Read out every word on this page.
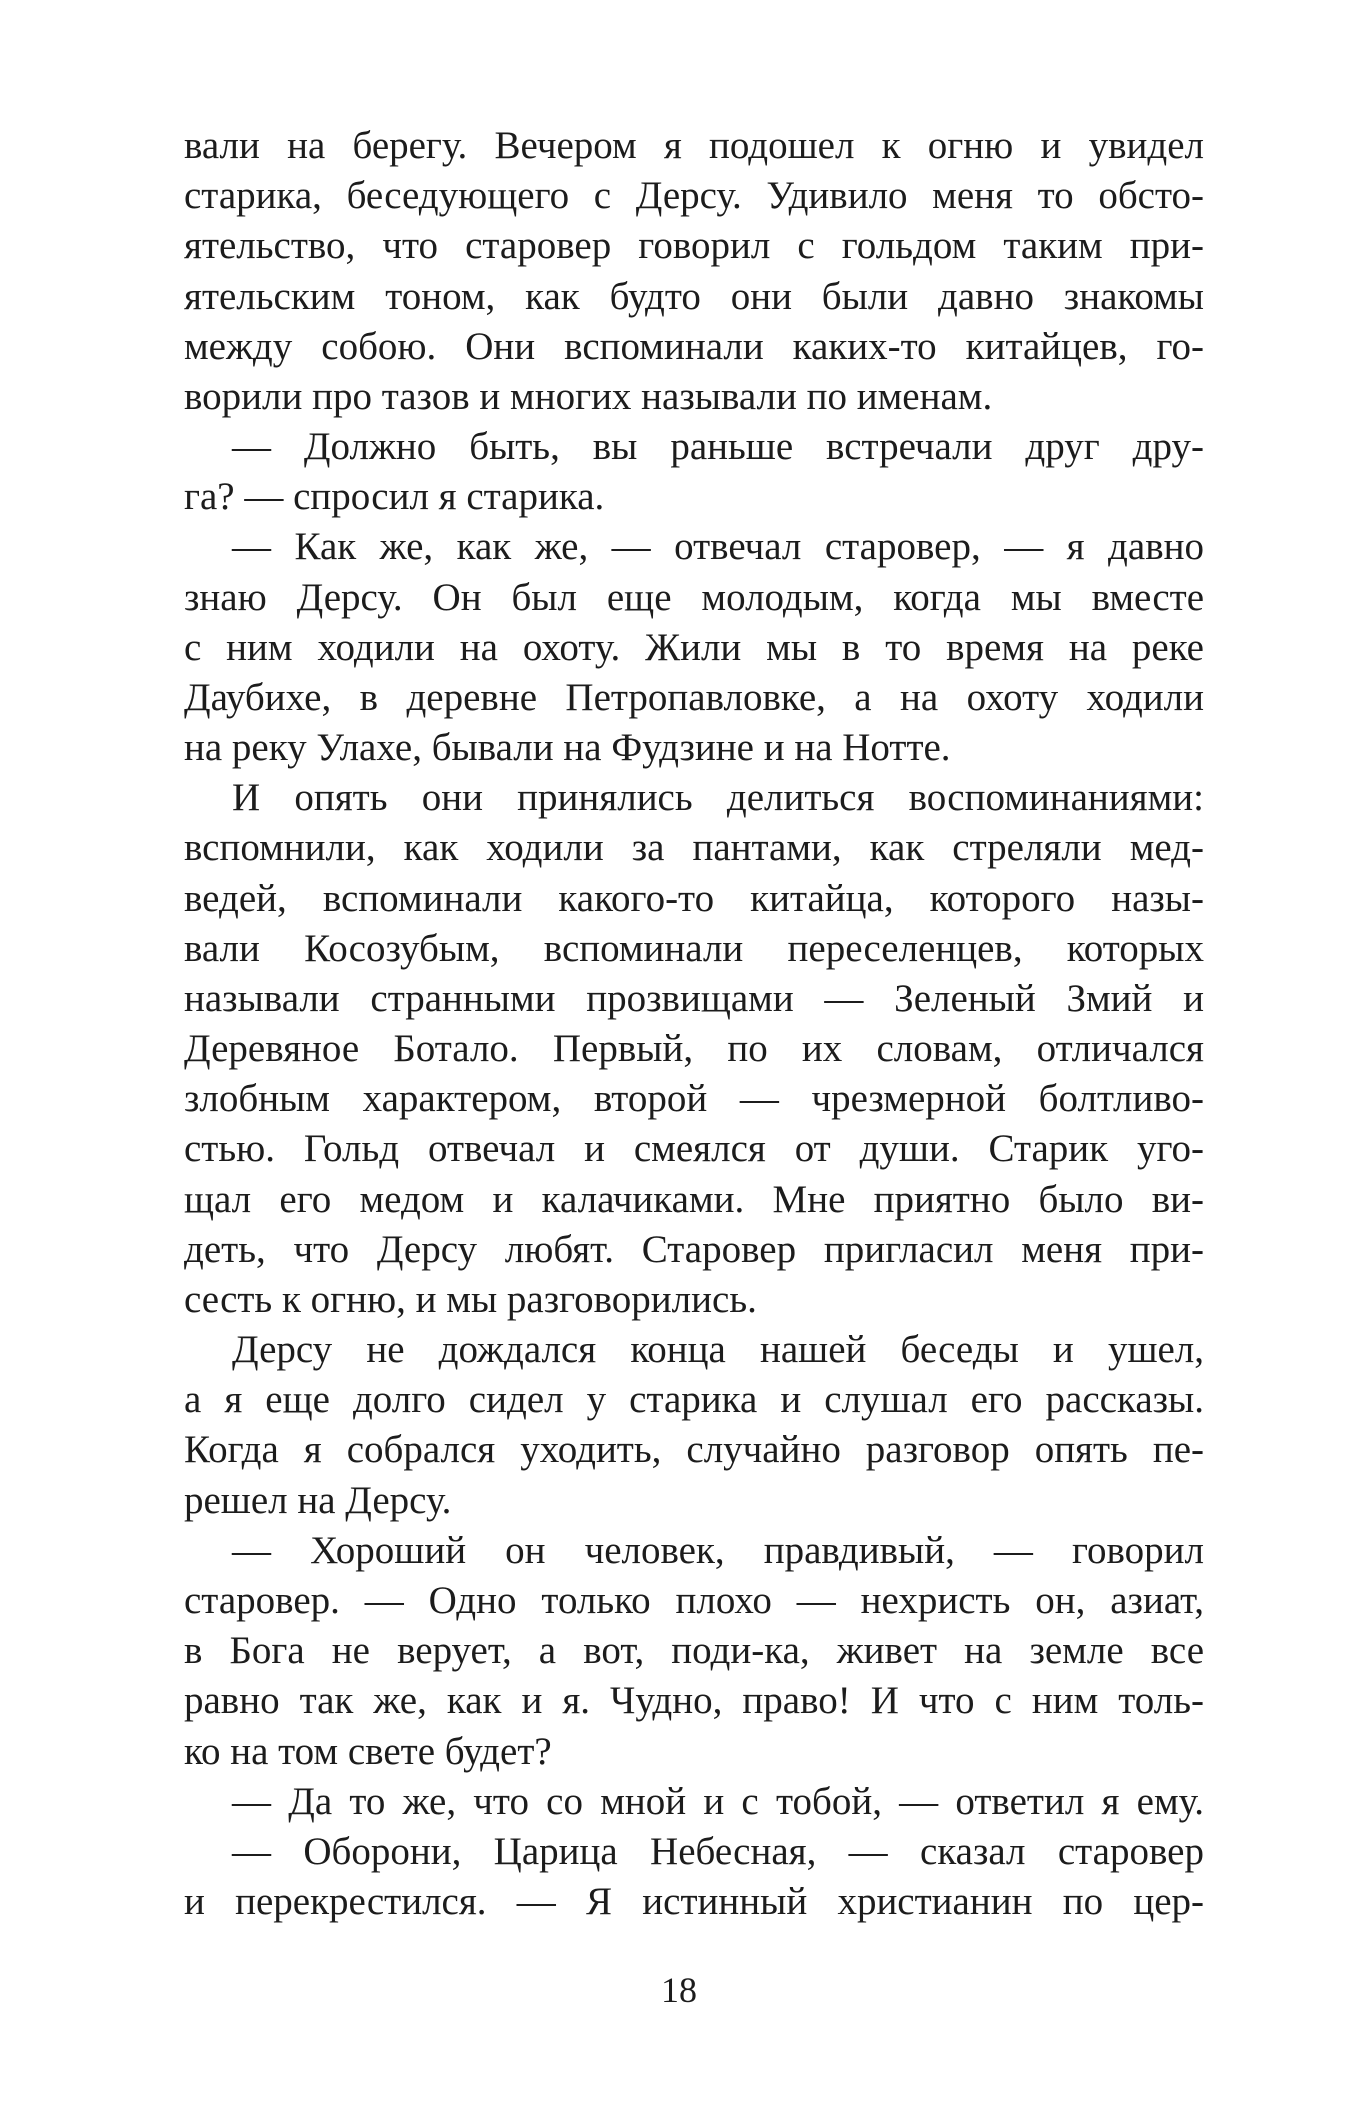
вали на берегу. Вечером я подошел к огню и увидел
старика, беседующего с Дерсу. Удивило меня то обсто-
ятельство, что старовер говорил с гольдом таким при-
ятельским тоном, как будто они были давно знакомы
между собою. Они вспоминали каких-то китайцев, го-
ворили про тазов и многих называли по именам.
— Должно быть, вы раньше встречали друг дру-
га? — спросил я старика.
— Как же, как же, — отвечал старовер, — я давно
знаю Дерсу. Он был еще молодым, когда мы вместе
с ним ходили на охоту. Жили мы в то время на реке
Даубихе, в деревне Петропавловке, а на охоту ходили
на реку Улахе, бывали на Фудзине и на Нотте.
И опять они принялись делиться воспоминаниями:
вспомнили, как ходили за пантами, как стреляли мед-
ведей, вспоминали какого-то китайца, которого назы-
вали Косозубым, вспоминали переселенцев, которых
называли странными прозвищами — Зеленый Змий и
Деревяное Ботало. Первый, по их словам, отличался
злобным характером, второй — чрезмерной болтливо-
стью. Гольд отвечал и смеялся от души. Старик уго-
щал его медом и калачиками. Мне приятно было ви-
деть, что Дерсу любят. Старовер пригласил меня при-
сесть к огню, и мы разговорились.
Дерсу не дождался конца нашей беседы и ушел,
а я еще долго сидел у старика и слушал его рассказы.
Когда я собрался уходить, случайно разговор опять пе-
решел на Дерсу.
— Хороший он человек, правдивый, — говорил
старовер. — Одно только плохо — нехристь он, азиат,
в Бога не верует, а вот, поди-ка, живет на земле все
равно так же, как и я. Чудно, право! И что с ним толь-
ко на том свете будет?
— Да то же, что со мной и с тобой, — ответил я ему.
— Оборони, Царица Небесная, — сказал старовер
и перекрестился. — Я истинный христианин по цер-
18
